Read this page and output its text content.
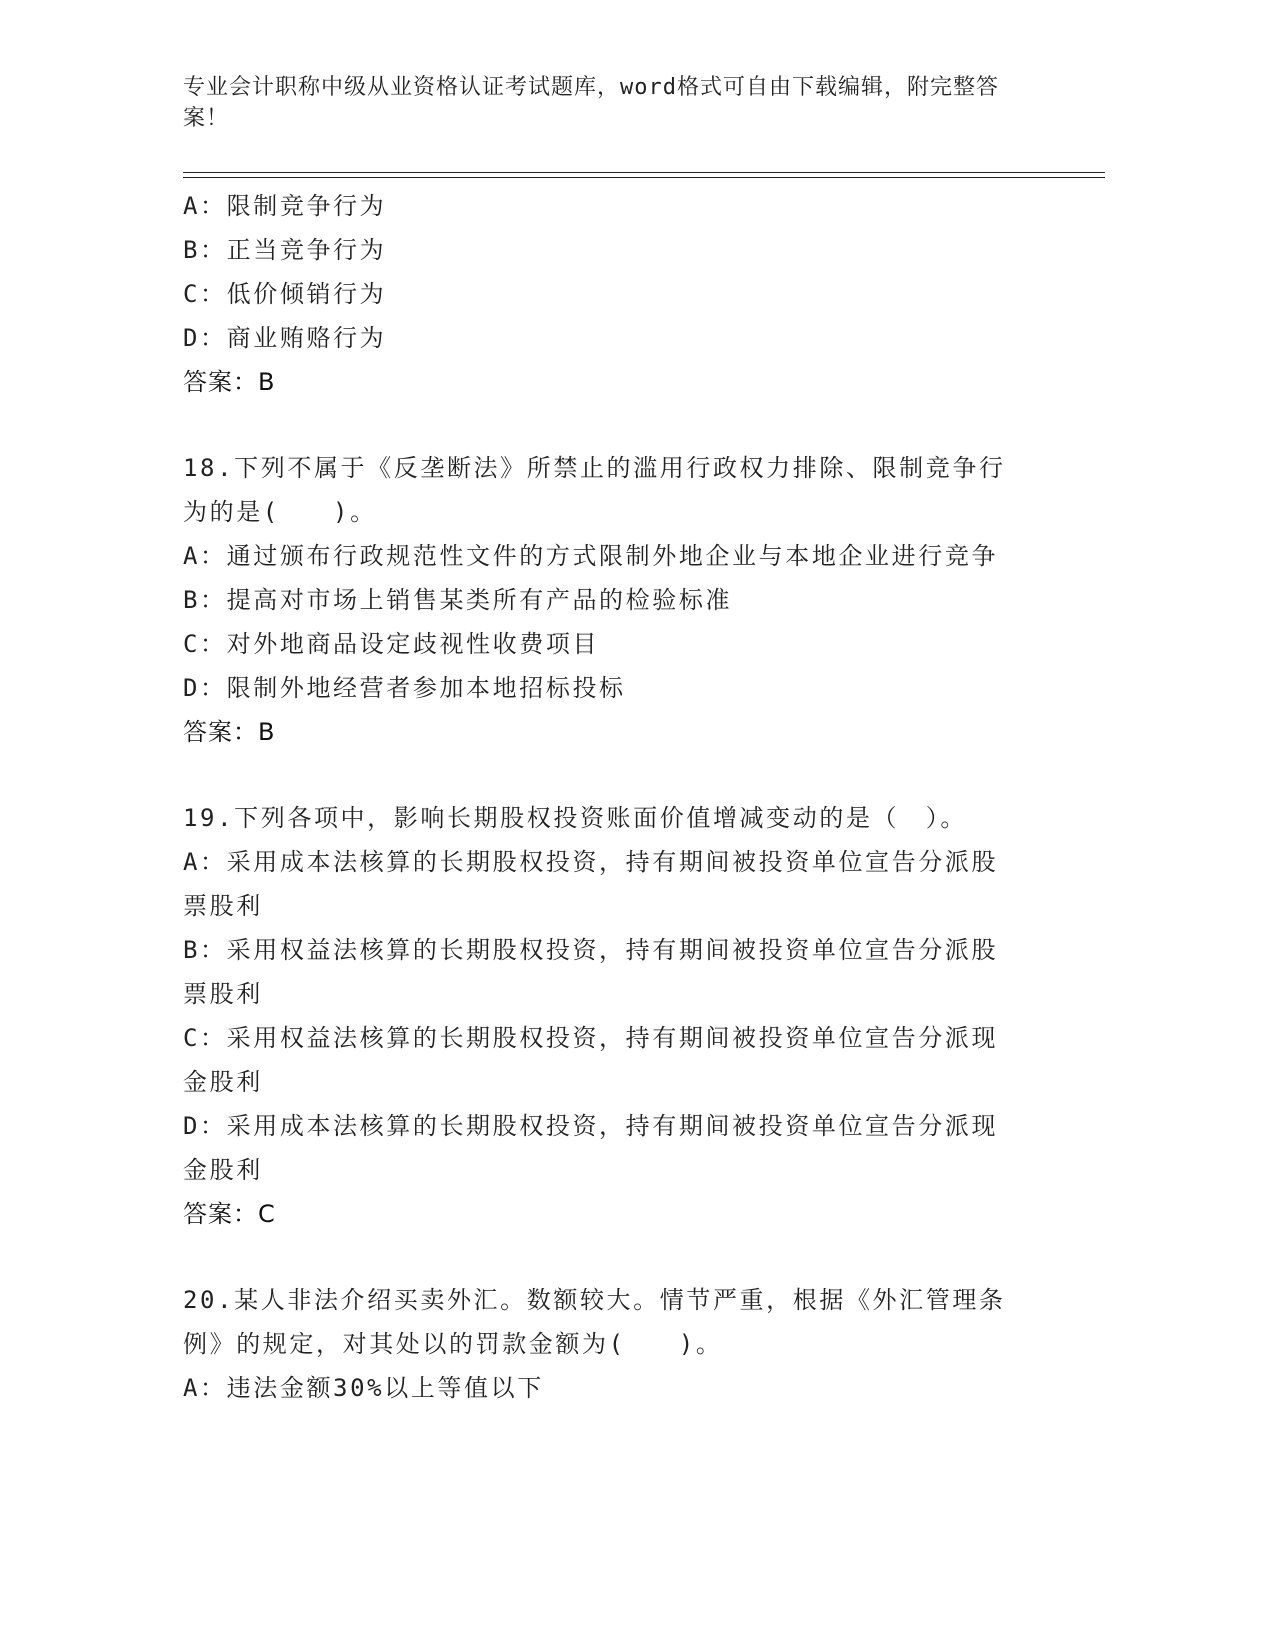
专业会计职称中级从业资格认证考试题库，word格式可自由下载编辑，附完整答案！
A：限制竞争行为
B：正当竞争行为
C：低价倾销行为
D：商业贿赂行为
答案：B
18.下列不属于《反垄断法》所禁止的滥用行政权力排除、限制竞争行
为的是(　　)。
A：通过颁布行政规范性文件的方式限制外地企业与本地企业进行竞争
B：提高对市场上销售某类所有产品的检验标准
C：对外地商品设定歧视性收费项目
D：限制外地经营者参加本地招标投标
答案：B
19.下列各项中，影响长期股权投资账面价值增减变动的是（　）。
A：采用成本法核算的长期股权投资，持有期间被投资单位宣告分派股
票股利
B：采用权益法核算的长期股权投资，持有期间被投资单位宣告分派股
票股利
C：采用权益法核算的长期股权投资，持有期间被投资单位宣告分派现
金股利
D：采用成本法核算的长期股权投资，持有期间被投资单位宣告分派现
金股利
答案：C
20.某人非法介绍买卖外汇。数额较大。情节严重，根据《外汇管理条
例》的规定，对其处以的罚款金额为(　　)。
A：违法金额30%以上等值以下
